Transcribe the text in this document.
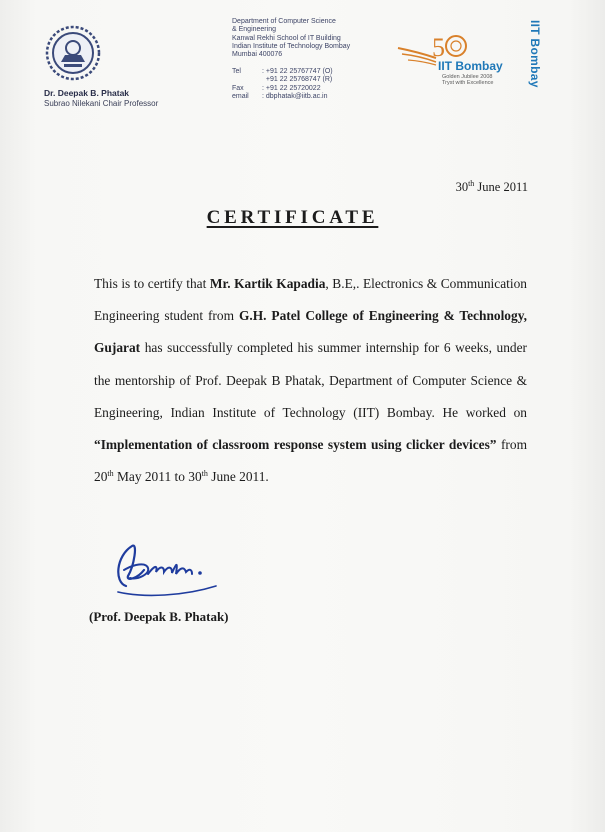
Dr. Deepak B. Phatak
Subrao Nilekani Chair Professor
Department of Computer Science
& Engineering
Kanwal Rekhi School of IT Building
Indian Institute of Technology Bombay
Mumbai 400076
Tel	: +91 22 25767747 (O)
+91 22 25768747 (R)
Fax	: +91 22 25720022
email	: dbphatak@iitb.ac.in
5
IIT Bombay
Golden Jubilee 2008
Tryst with Excellence	IIT Bombay
30th June 2011
CERTIFICATE
This is to certify that Mr. Kartik Kapadia, B.E,. Electronics & Communication Engineering student from G.H. Patel College of Engineering & Technology, Gujarat has successfully completed his summer internship for 6 weeks, under the mentorship of Prof. Deepak B Phatak, Department of Computer Science & Engineering, Indian Institute of Technology (IIT) Bombay. He worked on “Implementation of classroom response system using clicker devices” from 20th May 2011 to 30th June 2011.
(Prof. Deepak B. Phatak)
